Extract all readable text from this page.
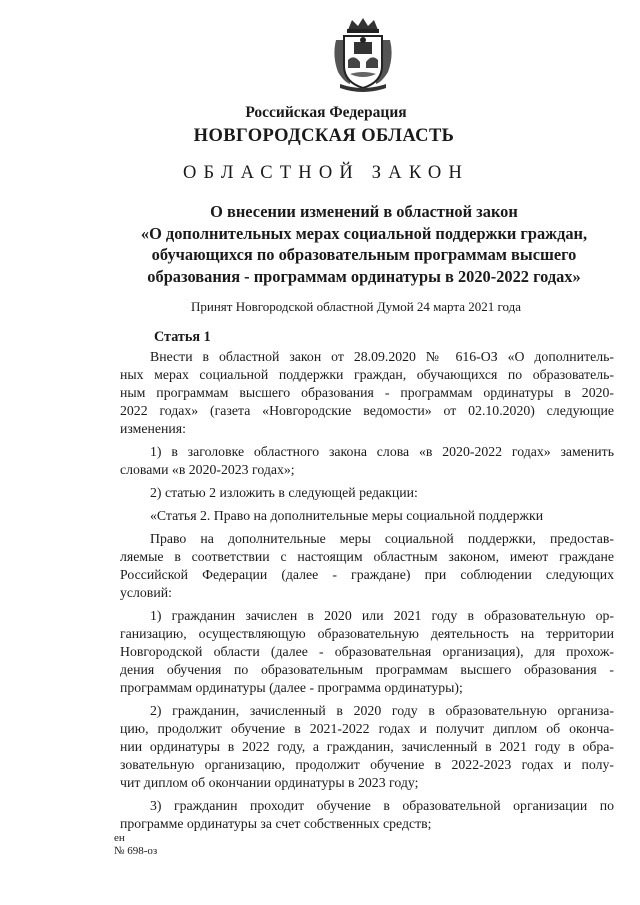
Российская Федерация
НОВГОРОДСКАЯ ОБЛАСТЬ
ОБЛАСТНОЙ ЗАКОН
О внесении изменений в областной закон
«О дополнительных мерах социальной поддержки граждан,
обучающихся по образовательным программам высшего
образования - программам ординатуры в 2020-2022 годах»
Принят Новгородской областной Думой 24 марта 2021 года
Статья 1
Внести в областной закон от 28.09.2020 № 616-ОЗ «О дополнитель-
ных мерах социальной поддержки граждан, обучающихся по образователь-
ным программам высшего образования - программам ординатуры в 2020-
2022 годах» (газета «Новгородские ведомости» от 02.10.2020) следующие
изменения:
1) в заголовке областного закона слова «в 2020-2022 годах» заменить
словами «в 2020-2023 годах»;
2) статью 2 изложить в следующей редакции:
«Статья 2. Право на дополнительные меры социальной поддержки
Право на дополнительные меры социальной поддержки, предостав-
ляемые в соответствии с настоящим областным законом, имеют граждане
Российской Федерации (далее - граждане) при соблюдении следующих
условий:
1) гражданин зачислен в 2020 или 2021 году в образовательную ор-
ганизацию, осуществляющую образовательную деятельность на территории
Новгородской области (далее - образовательная организация), для прохож-
дения обучения по образовательным программам высшего образования -
программам ординатуры (далее - программа ординатуры);
2) гражданин, зачисленный в 2020 году в образовательную организа-
цию, продолжит обучение в 2021-2022 годах и получит диплом об оконча-
нии ординатуры в 2022 году, а гражданин, зачисленный в 2021 году в обра-
зовательную организацию, продолжит обучение в 2022-2023 годах и полу-
чит диплом об окончании ординатуры в 2023 году;
3) гражданин проходит обучение в образовательной организации по
программе ординатуры за счет собственных средств;
ен
№ 698-оз
